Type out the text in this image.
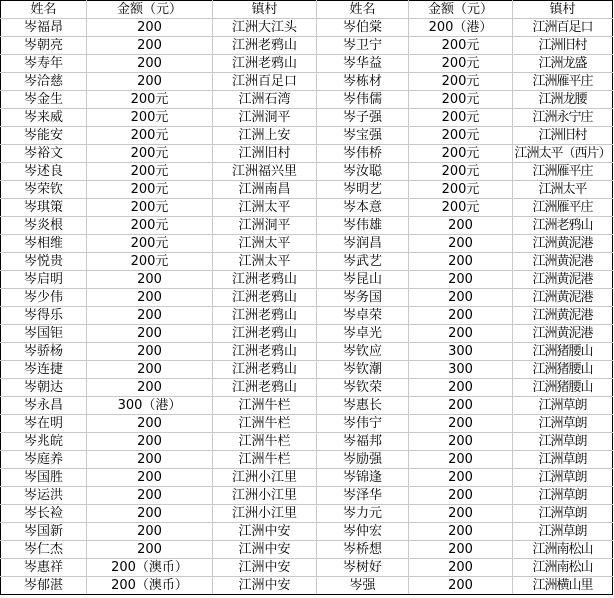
姓名	金额（元）	镇村	姓名	金额（元）	镇村
岑福昂	200	江洲大江头	岑伯棠	200（港）	江洲百足口
岑朝亮	200	江洲老鸦山	岑卫宁	200元	江洲旧村
岑寿年	200	江洲老鸦山	岑华益	200元	江洲龙盛
岑洽慈	200	江洲百足口	岑栋材	200元	江洲雁平庄
岑金生	200元	江洲石湾	岑伟儒	200元	江洲龙腰
岑来威	200元	江洲洞平	岑子强	200元	江洲永宁庄
岑能安	200元	江洲上安	岑宝强	200元	江洲旧村
岑裕文	200元	江洲旧村	岑伟桥	200元	江洲太平（西片）
岑述良	200元	江洲福兴里	岑汝聪	200元	江洲雁平庄
岑荣钦	200元	江洲南昌	岑明艺	200元	江洲太平
岑琪策	200元	江洲太平	岑本意	200元	江洲雁平庄
岑炎根	200元	江洲洞平	岑伟雄	200	江洲老鸦山
岑相维	200元	江洲太平	岑润昌	200	江洲黄泥港
岑悦贵	200元	江洲太平	岑武艺	200	江洲黄泥港
岑启明	200	江洲老鸦山	岑昆山	200	江洲黄泥港
岑少伟	200	江洲老鸦山	岑务国	200	江洲黄泥港
岑得乐	200	江洲老鸦山	岑卓荣	200	江洲黄泥港
岑国钜	200	江洲老鸦山	岑卓光	200	江洲黄泥港
岑骄杨	200	江洲老鸦山	岑钦应	300	江洲猪腰山
岑连捷	200	江洲老鸦山	岑钦潮	300	江洲猪腰山
岑朝达	200	江洲老鸦山	岑钦荣	200	江洲猪腰山
岑永昌	300（港）	江洲牛栏	岑惠长	200	江洲草朗
岑在明	200	江洲牛栏	岑伟宁	200	江洲草朗
岑兆皖	200	江洲牛栏	岑福邦	200	江洲草朗
岑庭养	200	江洲牛栏	岑励强	200	江洲草朗
岑国胜	200	江洲小江里	岑锦逢	200	江洲草朗
岑运洪	200	江洲小江里	岑泽华	200	江洲草朗
岑长裣	200	江洲小江里	岑力元	200	江洲草朗
岑国新	200	江洲中安	岑仲宏	200	江洲草朗
岑仁杰	200	江洲中安	岑桥想	200	江洲南松山
岑惠祥	200（澳币）	江洲中安	岑树好	200	江洲南松山
岑郁湛	200（澳币）	江洲中安	岑强	200	江洲横山里
